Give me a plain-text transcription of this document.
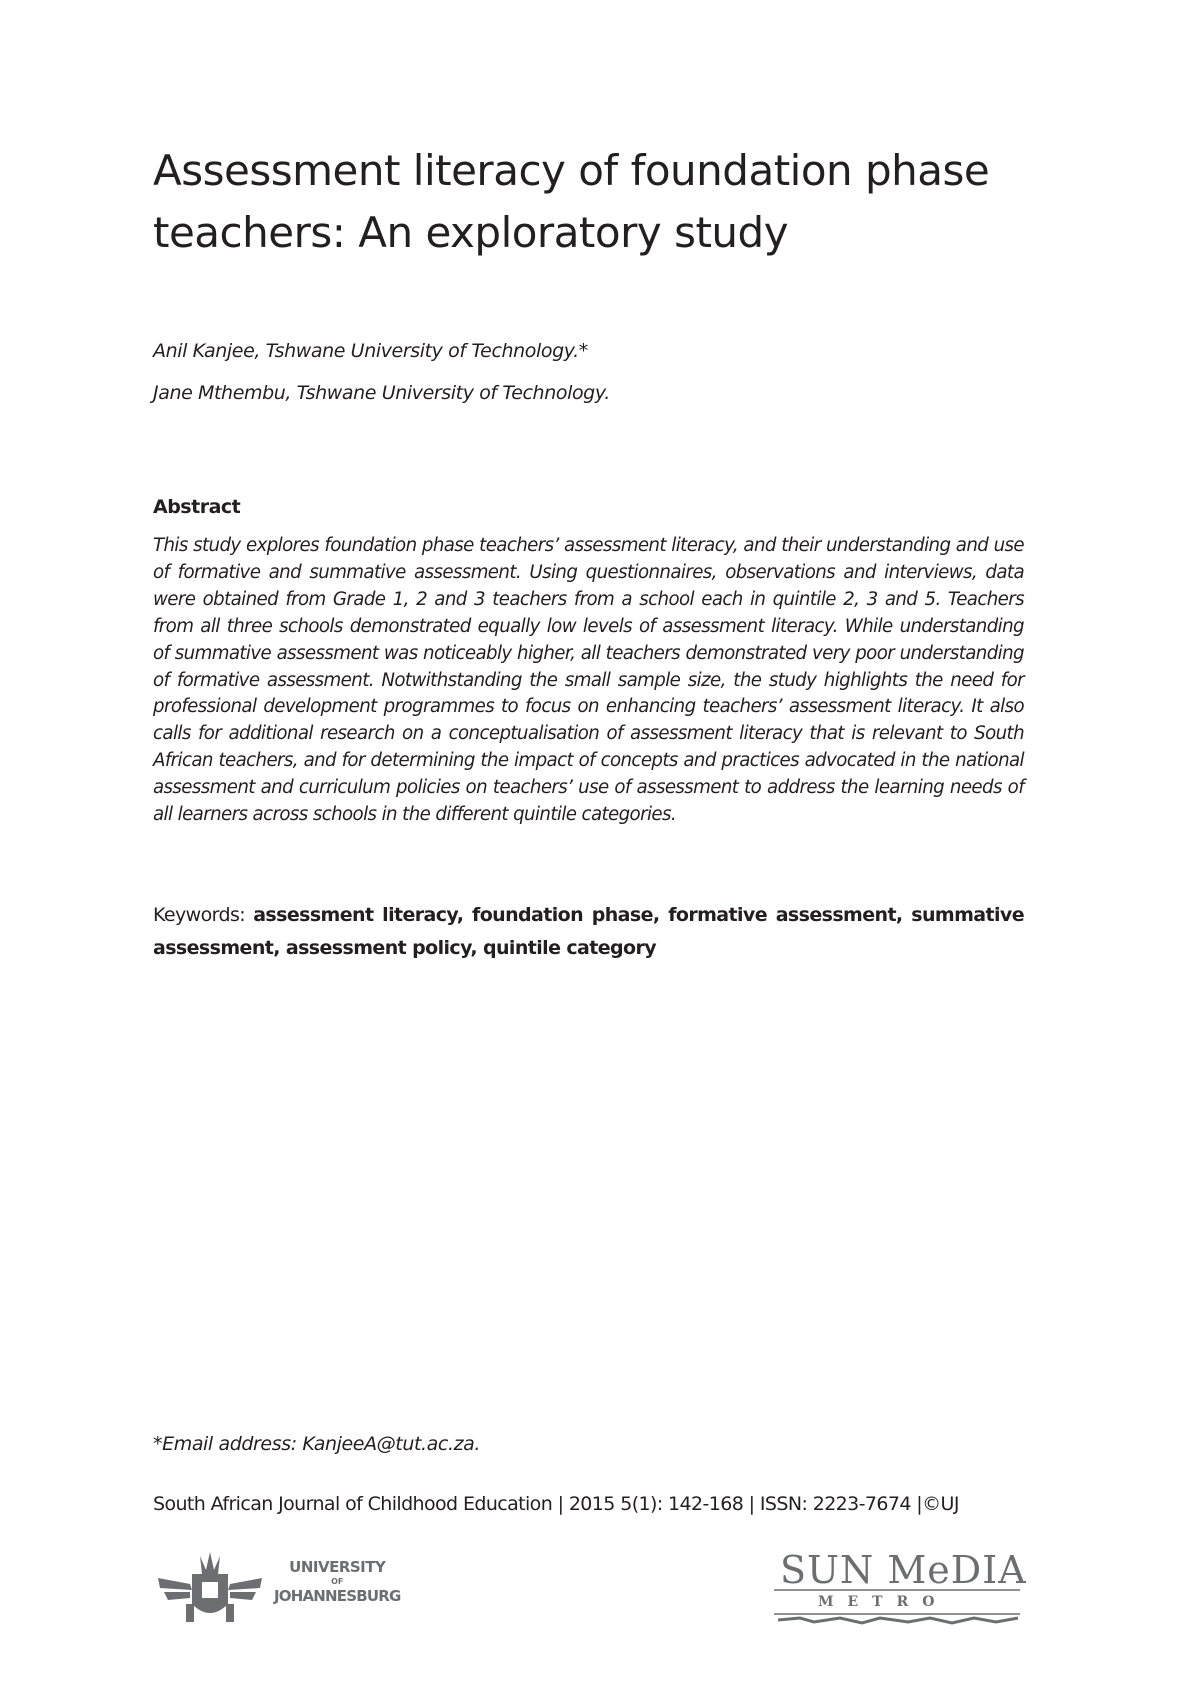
Assessment literacy of foundation phase teachers: An exploratory study
Anil Kanjee, Tshwane University of Technology.*
Jane Mthembu, Tshwane University of Technology.
Abstract

This study explores foundation phase teachers’ assessment literacy, and their understanding and use of formative and summative assessment. Using questionnaires, observations and interviews, data were obtained from Grade 1, 2 and 3 teachers from a school each in quintile 2, 3 and 5. Teachers from all three schools demonstrated equally low levels of assessment literacy. While understanding of summative assessment was noticeably higher, all teachers demonstrated very poor understanding of formative assessment. Notwithstanding the small sample size, the study highlights the need for professional development programmes to focus on enhancing teachers’ assessment literacy. It also calls for additional research on a conceptualisation of assessment literacy that is relevant to South African teachers, and for determining the impact of concepts and practices advocated in the national assessment and curriculum policies on teachers’ use of assessment to address the learning needs of all learners across schools in the different quintile categories.

Keywords: assessment literacy, foundation phase, formative assessment, summative assessment, assessment policy, quintile category

*Email address: KanjeeA@tut.ac.za.
South African Journal of Childhood Education | 2015 5(1): 142-168 | ISSN: 2223-7674 |©UJ
UNIVERSITY
OF
JOHANNESBURG
SUN MeDIA
METRO
